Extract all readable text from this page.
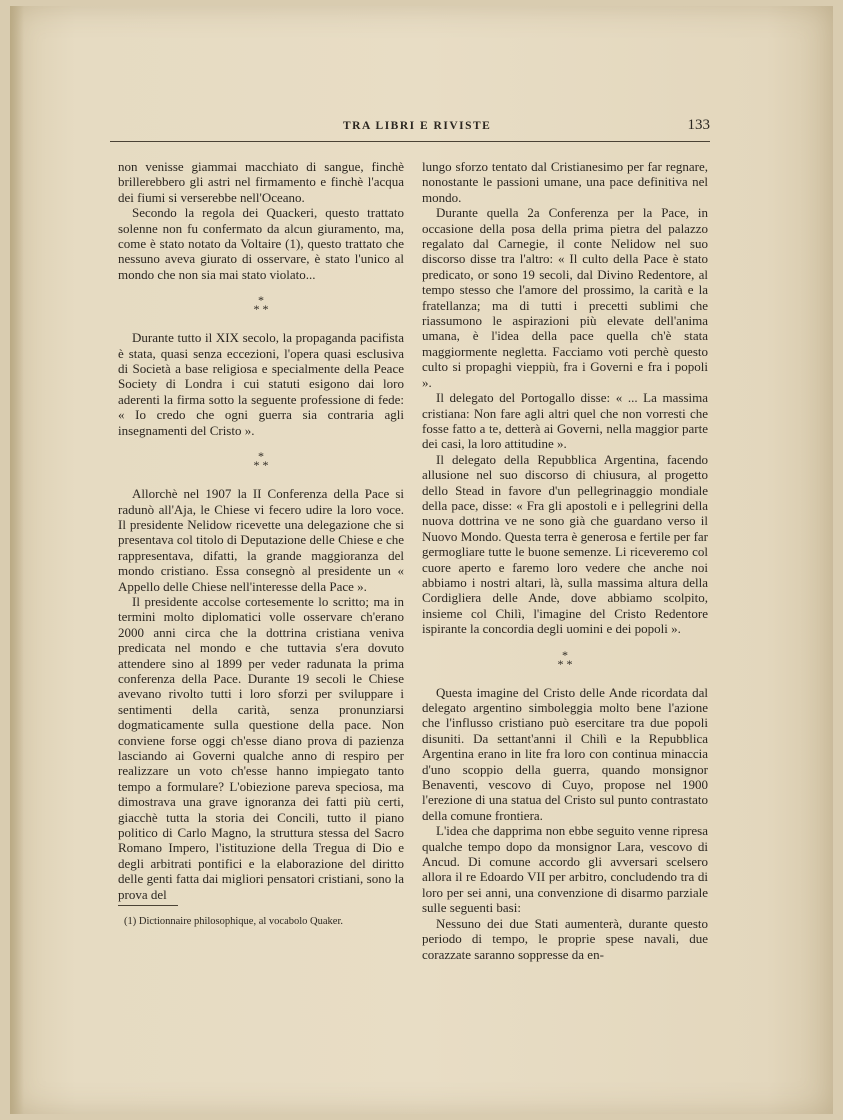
TRA LIBRI E RIVISTE	133

non venisse giammai macchiato di sangue, finchè brillerebbero gli astri nel firmamento e finchè l'acqua dei fiumi si verserebbe nell'Oceano.

Secondo la regola dei Quackeri, questo trattato solenne non fu confermato da alcun giuramento, ma, come è stato notato da Voltaire (1), questo trattato che nessuno aveva giurato di osservare, è stato l'unico al mondo che non sia mai stato violato...

*
* *

Durante tutto il XIX secolo, la propaganda pacifista è stata, quasi senza eccezioni, l'opera quasi esclusiva di Società a base religiosa e specialmente della Peace Society di Londra i cui statuti esigono dai loro aderenti la firma sotto la seguente professione di fede: « Io credo che ogni guerra sia contraria agli insegnamenti del Cristo ».

*
* *

Allorchè nel 1907 la II Conferenza della Pace si radunò all'Aja, le Chiese vi fecero udire la loro voce. Il presidente Nelidow ricevette una delegazione che si presentava col titolo di Deputazione delle Chiese e che rappresentava, difatti, la grande maggioranza del mondo cristiano. Essa consegnò al presidente un « Appello delle Chiese nell'interesse della Pace ».

Il presidente accolse cortesemente lo scritto; ma in termini molto diplomatici volle osservare ch'erano 2000 anni circa che la dottrina cristiana veniva predicata nel mondo e che tuttavia s'era dovuto attendere sino al 1899 per veder radunata la prima conferenza della Pace. Durante 19 secoli le Chiese avevano rivolto tutti i loro sforzi per sviluppare i sentimenti della carità, senza pronunziarsi dogmaticamente sulla questione della pace. Non conviene forse oggi ch'esse diano prova di pazienza lasciando ai Governi qualche anno di respiro per realizzare un voto ch'esse hanno impiegato tanto tempo a formulare? L'obiezione pareva speciosa, ma dimostrava una grave ignoranza dei fatti più certi, giacchè tutta la storia dei Concili, tutto il piano politico di Carlo Magno, la struttura stessa del Sacro Romano Impero, l'istituzione della Tregua di Dio e degli arbitrati pontifici e la elaborazione del diritto delle genti fatta dai migliori pensatori cristiani, sono la prova del

lungo sforzo tentato dal Cristianesimo per far regnare, nonostante le passioni umane, una pace definitiva nel mondo.

Durante quella 2a Conferenza per la Pace, in occasione della posa della prima pietra del palazzo regalato dal Carnegie, il conte Nelidow nel suo discorso disse tra l'altro: « Il culto della Pace è stato predicato, or sono 19 secoli, dal Divino Redentore, al tempo stesso che l'amore del prossimo, la carità e la fratellanza; ma di tutti i precetti sublimi che riassumono le aspirazioni più elevate dell'anima umana, è l'idea della pace quella ch'è stata maggiormente negletta. Facciamo voti perchè questo culto si propaghi vieppiù, fra i Governi e fra i popoli ».

Il delegato del Portogallo disse: « ... La massima cristiana: Non fare agli altri quel che non vorresti che fosse fatto a te, detterà ai Governi, nella maggior parte dei casi, la loro attitudine ».

Il delegato della Repubblica Argentina, facendo allusione nel suo discorso di chiusura, al progetto dello Stead in favore d'un pellegrinaggio mondiale della pace, disse: « Fra gli apostoli e i pellegrini della nuova dottrina ve ne sono già che guardano verso il Nuovo Mondo. Questa terra è generosa e fertile per far germogliare tutte le buone semenze. Li riceveremo col cuore aperto e faremo loro vedere che anche noi abbiamo i nostri altari, là, sulla massima altura della Cordigliera delle Ande, dove abbiamo scolpito, insieme col Chilì, l'imagine del Cristo Redentore ispirante la concordia degli uomini e dei popoli ».

*
* *

Questa imagine del Cristo delle Ande ricordata dal delegato argentino simboleggia molto bene l'azione che l'influsso cristiano può esercitare tra due popoli disuniti. Da settant'anni il Chilì e la Repubblica Argentina erano in lite fra loro con continua minaccia d'uno scoppio della guerra, quando monsignor Benaventi, vescovo di Cuyo, propose nel 1900 l'erezione di una statua del Cristo sul punto contrastato della comune frontiera.

L'idea che dapprima non ebbe seguito venne ripresa qualche tempo dopo da monsignor Lara, vescovo di Ancud. Di comune accordo gli avversari scelsero allora il re Edoardo VII per arbitro, concludendo tra di loro per sei anni, una convenzione di disarmo parziale sulle seguenti basi:

Nessuno dei due Stati aumenterà, durante questo periodo di tempo, le proprie spese navali, due corazzate saranno soppresse da en-

(1) Dictionnaire philosophique, al vocabolo Quaker.
